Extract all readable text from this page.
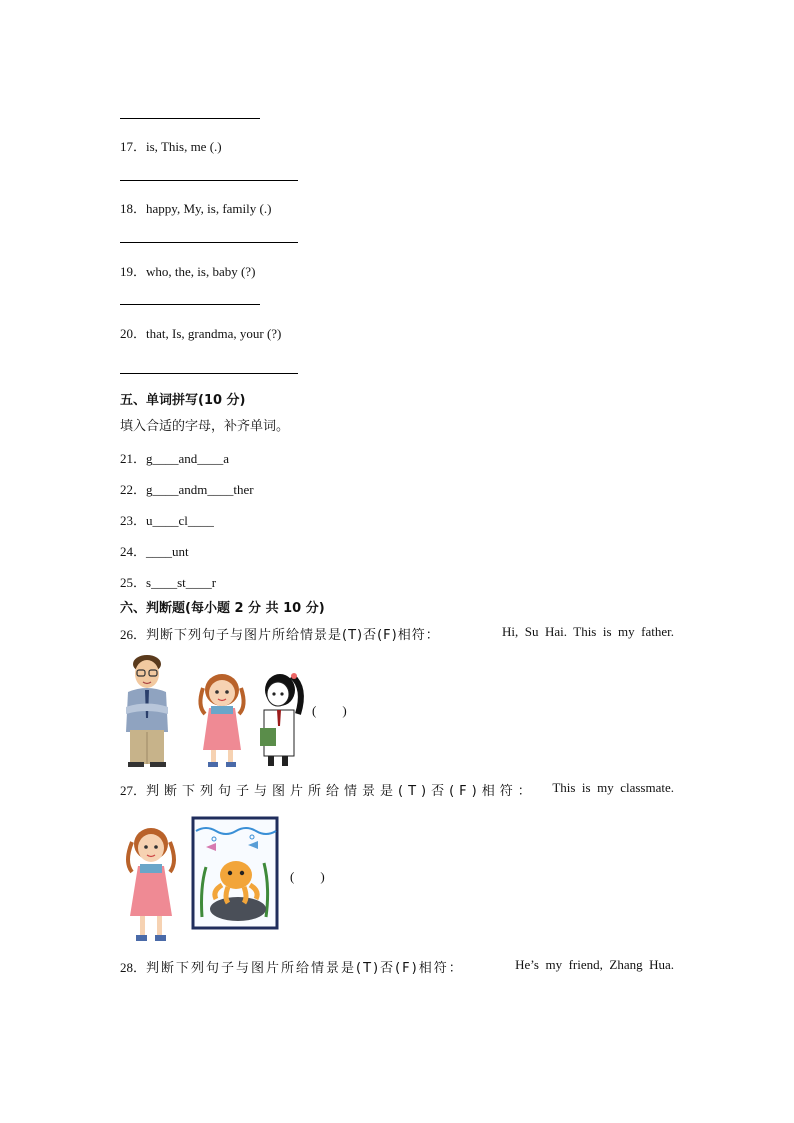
17．is, This, me (.)
18．happy, My, is, family (.)
19．who, the, is, baby (?)
20．that, Is, grandma, your (?)
五、单词拼写(10 分)
填入合适的字母，补齐单词。
21．g____and____a
22．g____andm____ther
23．u____cl____
24．____unt
25．s____st____r
六、判断题(每小题 2 分 共 10 分)
26．判断下列句子与图片所给情景是(T)否(F)相符：	Hi,  Su  Hai.  This  is  my  father.
(        )
27．判断下列句子与图片所给情景是(T)否(F)相符： This  is  my  classmate.
(        )
28．判断下列句子与图片所给情景是(T)否(F)相符：	He’s  my  friend,  Zhang  Hua.
